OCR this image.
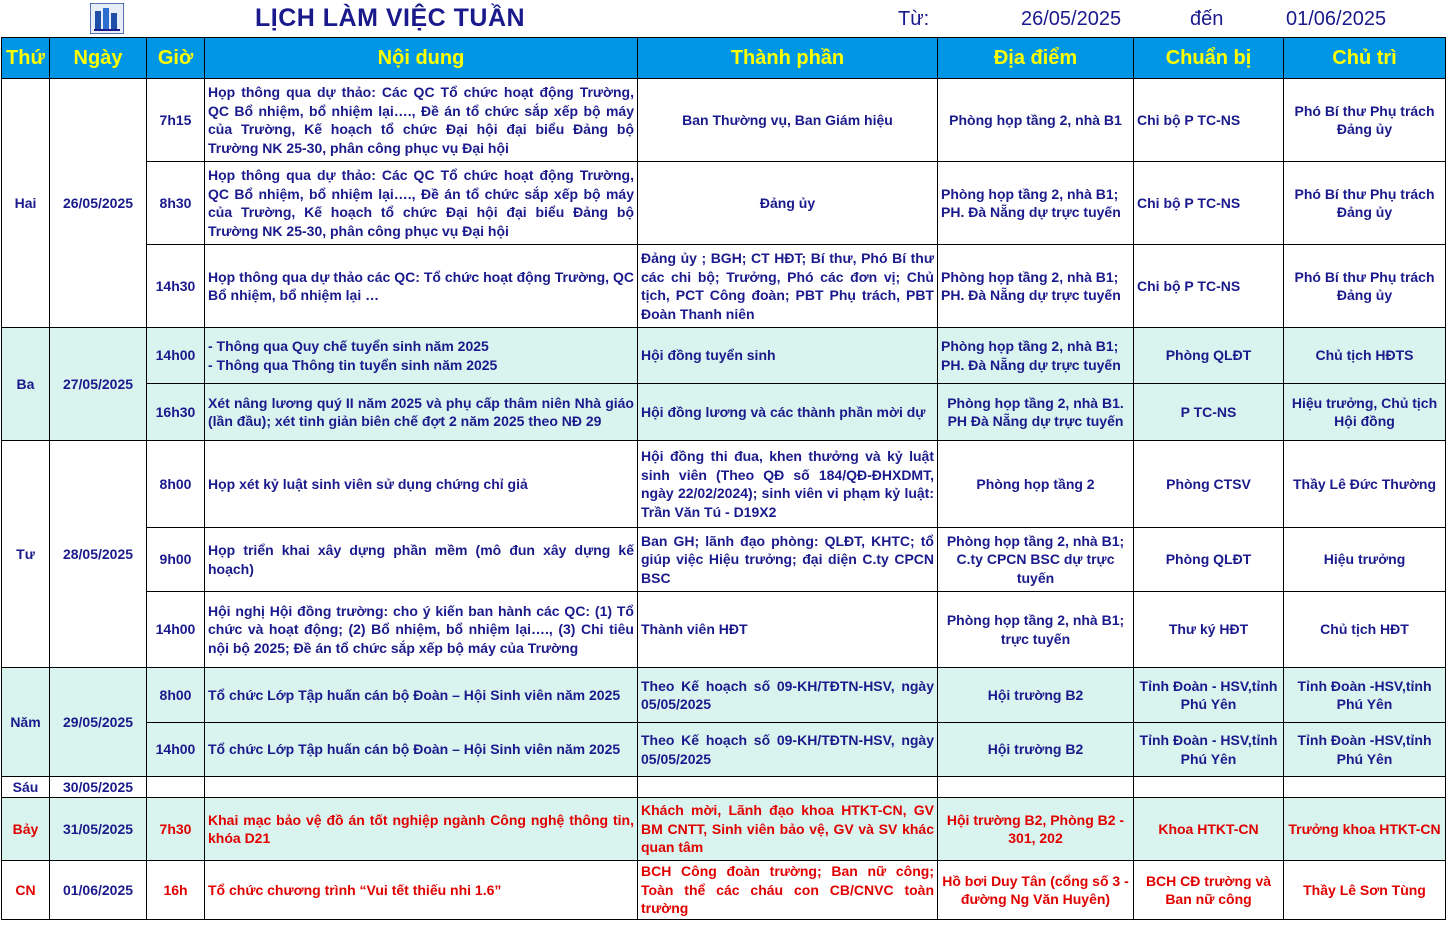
LỊCH LÀM VIỆC TUẦN	Từ:	26/05/2025	đến	01/06/2025
Thứ	Ngày	Giờ	Nội dung	Thành phần	Địa điểm	Chuẩn bị	Chủ trì
Hai	26/05/2025	7h15	Họp thông qua dự thảo: Các QC Tổ chức hoạt động Trường, QC Bổ nhiệm, bổ nhiệm lại…., Đề án tổ chức sắp xếp bộ máy của Trường, Kế hoạch tổ chức Đại hội đại biểu Đảng bộ Trường NK 25-30, phân công phục vụ Đại hội	Ban Thường vụ, Ban Giám hiệu	Phòng họp tầng 2, nhà B1	Chi bộ P TC-NS	Phó Bí thư Phụ trách Đảng ủy
		8h30	Họp thông qua dự thảo: Các QC Tổ chức hoạt động Trường, QC Bổ nhiệm, bổ nhiệm lại…., Đề án tổ chức sắp xếp bộ máy của Trường, Kế hoạch tổ chức Đại hội đại biểu Đảng bộ Trường NK 25-30, phân công phục vụ Đại hội	Đảng ủy	Phòng họp tầng 2, nhà B1; PH. Đà Nẵng dự trực tuyến	Chi bộ P TC-NS	Phó Bí thư Phụ trách Đảng ủy
		14h30	Họp thông qua dự thảo các QC: Tổ chức hoạt động Trường, QC Bổ nhiệm, bổ nhiệm lại …	Đảng ủy ; BGH; CT HĐT; Bí thư, Phó Bí thư các chi bộ; Trưởng, Phó các đơn vị; Chủ tịch, PCT Công đoàn; PBT Phụ trách, PBT Đoàn Thanh niên	Phòng họp tầng 2, nhà B1; PH. Đà Nẵng dự trực tuyến	Chi bộ P TC-NS	Phó Bí thư Phụ trách Đảng ủy
Ba	27/05/2025	14h00	- Thông qua Quy chế tuyển sinh năm 2025
- Thông qua Thông tin tuyển sinh năm 2025	Hội đồng tuyển sinh	Phòng họp tầng 2, nhà B1; PH. Đà Nẵng dự trực tuyến	Phòng QLĐT	Chủ tịch HĐTS
		16h30	Xét nâng lương quý II năm 2025 và phụ cấp thâm niên Nhà giáo (lần đầu); xét tinh giản biên chế đợt 2 năm 2025 theo NĐ 29	Hội đồng lương và các thành phần mời dự	Phòng họp tầng 2, nhà B1. PH Đà Nẵng dự trực tuyến	P TC-NS	Hiệu trưởng, Chủ tịch Hội đồng
Tư	28/05/2025	8h00	Họp xét kỷ luật sinh viên sử dụng chứng chỉ giả	Hội đồng thi đua, khen thưởng và kỷ luật sinh viên (Theo QĐ số 184/QĐ-ĐHXDMT, ngày 22/02/2024); sinh viên vi phạm kỷ luật: Trần Văn Tú - D19X2	Phòng họp tầng 2	Phòng CTSV	Thầy Lê Đức Thường
		9h00	Họp triển khai xây dựng phần mềm (mô đun xây dựng kế hoạch)	Ban GH; lãnh đạo phòng: QLĐT, KHTC; tổ giúp việc Hiệu trưởng; đại diện C.ty CPCN BSC	Phòng họp tầng 2, nhà B1; C.ty CPCN BSC dự trực tuyến	Phòng QLĐT	Hiệu trưởng
		14h00	Hội nghị Hội đồng trường: cho ý kiến ban hành các QC: (1) Tổ chức và hoạt động; (2) Bổ nhiệm, bổ nhiệm lại…., (3) Chi tiêu nội bộ 2025; Đề án tổ chức sắp xếp bộ máy của Trường	Thành viên HĐT	Phòng họp tầng 2, nhà B1; trực tuyến	Thư ký HĐT	Chủ tịch HĐT
Năm	29/05/2025	8h00	Tổ chức Lớp Tập huấn cán bộ Đoàn – Hội Sinh viên năm 2025	Theo Kế hoạch số 09-KH/TĐTN-HSV, ngày 05/05/2025	Hội trường B2	Tỉnh Đoàn - HSV,tỉnh Phú Yên	Tỉnh Đoàn -HSV,tỉnh Phú Yên
		14h00	Tổ chức Lớp Tập huấn cán bộ Đoàn – Hội Sinh viên năm 2025	Theo Kế hoạch số 09-KH/TĐTN-HSV, ngày 05/05/2025	Hội trường B2	Tỉnh Đoàn - HSV,tỉnh Phú Yên	Tỉnh Đoàn -HSV,tỉnh Phú Yên
Sáu	30/05/2025						
Bảy	31/05/2025	7h30	Khai mạc bảo vệ đồ án tốt nghiệp ngành Công nghệ thông tin, khóa D21	Khách mời, Lãnh đạo khoa HTKT-CN, GV BM CNTT, Sinh viên bảo vệ, GV và SV khác quan tâm	Hội trường B2, Phòng B2 - 301, 202	Khoa HTKT-CN	Trưởng khoa HTKT-CN
CN	01/06/2025	16h	Tổ chức chương trình “Vui tết thiếu nhi 1.6”	BCH Công đoàn trường; Ban nữ công; Toàn thể các cháu con CB/CNVC toàn trường	Hồ bơi Duy Tân (cổng số 3 - đường Ng Văn Huyên)	BCH CĐ trường và Ban nữ công	Thầy Lê Sơn Tùng
